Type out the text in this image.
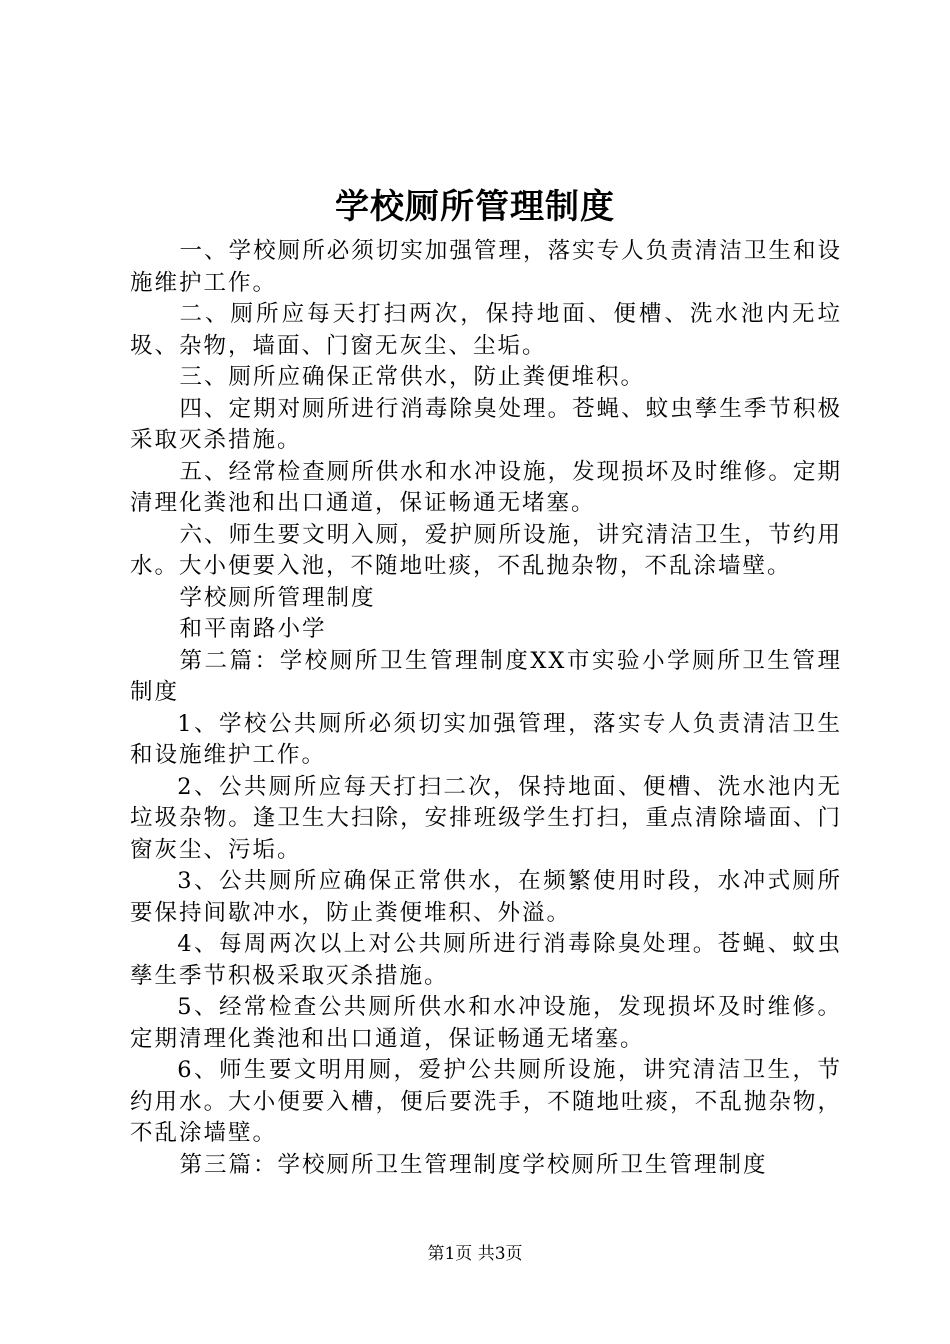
学校厕所管理制度

一、学校厕所必须切实加强管理，落实专人负责清洁卫生和设施维护工作。

二、厕所应每天打扫两次，保持地面、便槽、洗水池内无垃圾、杂物，墙面、门窗无灰尘、尘垢。

三、厕所应确保正常供水，防止粪便堆积。

四、定期对厕所进行消毒除臭处理。苍蝇、蚊虫孳生季节积极采取灭杀措施。

五、经常检查厕所供水和水冲设施，发现损坏及时维修。定期清理化粪池和出口通道，保证畅通无堵塞。

六、师生要文明入厕，爱护厕所设施，讲究清洁卫生，节约用水。大小便要入池，不随地吐痰，不乱抛杂物，不乱涂墙壁。

学校厕所管理制度

和平南路小学

第二篇：学校厕所卫生管理制度XX市实验小学厕所卫生管理制度

1、学校公共厕所必须切实加强管理，落实专人负责清洁卫生和设施维护工作。

2、公共厕所应每天打扫二次，保持地面、便槽、洗水池内无垃圾杂物。逢卫生大扫除，安排班级学生打扫，重点清除墙面、门窗灰尘、污垢。

3、公共厕所应确保正常供水，在频繁使用时段，水冲式厕所要保持间歇冲水，防止粪便堆积、外溢。

4、每周两次以上对公共厕所进行消毒除臭处理。苍蝇、蚊虫孳生季节积极采取灭杀措施。

5、经常检查公共厕所供水和水冲设施，发现损坏及时维修。定期清理化粪池和出口通道，保证畅通无堵塞。

6、师生要文明用厕，爱护公共厕所设施，讲究清洁卫生，节约用水。大小便要入槽，便后要洗手，不随地吐痰，不乱抛杂物，不乱涂墙壁。

第三篇：学校厕所卫生管理制度学校厕所卫生管理制度

第1页 共3页
